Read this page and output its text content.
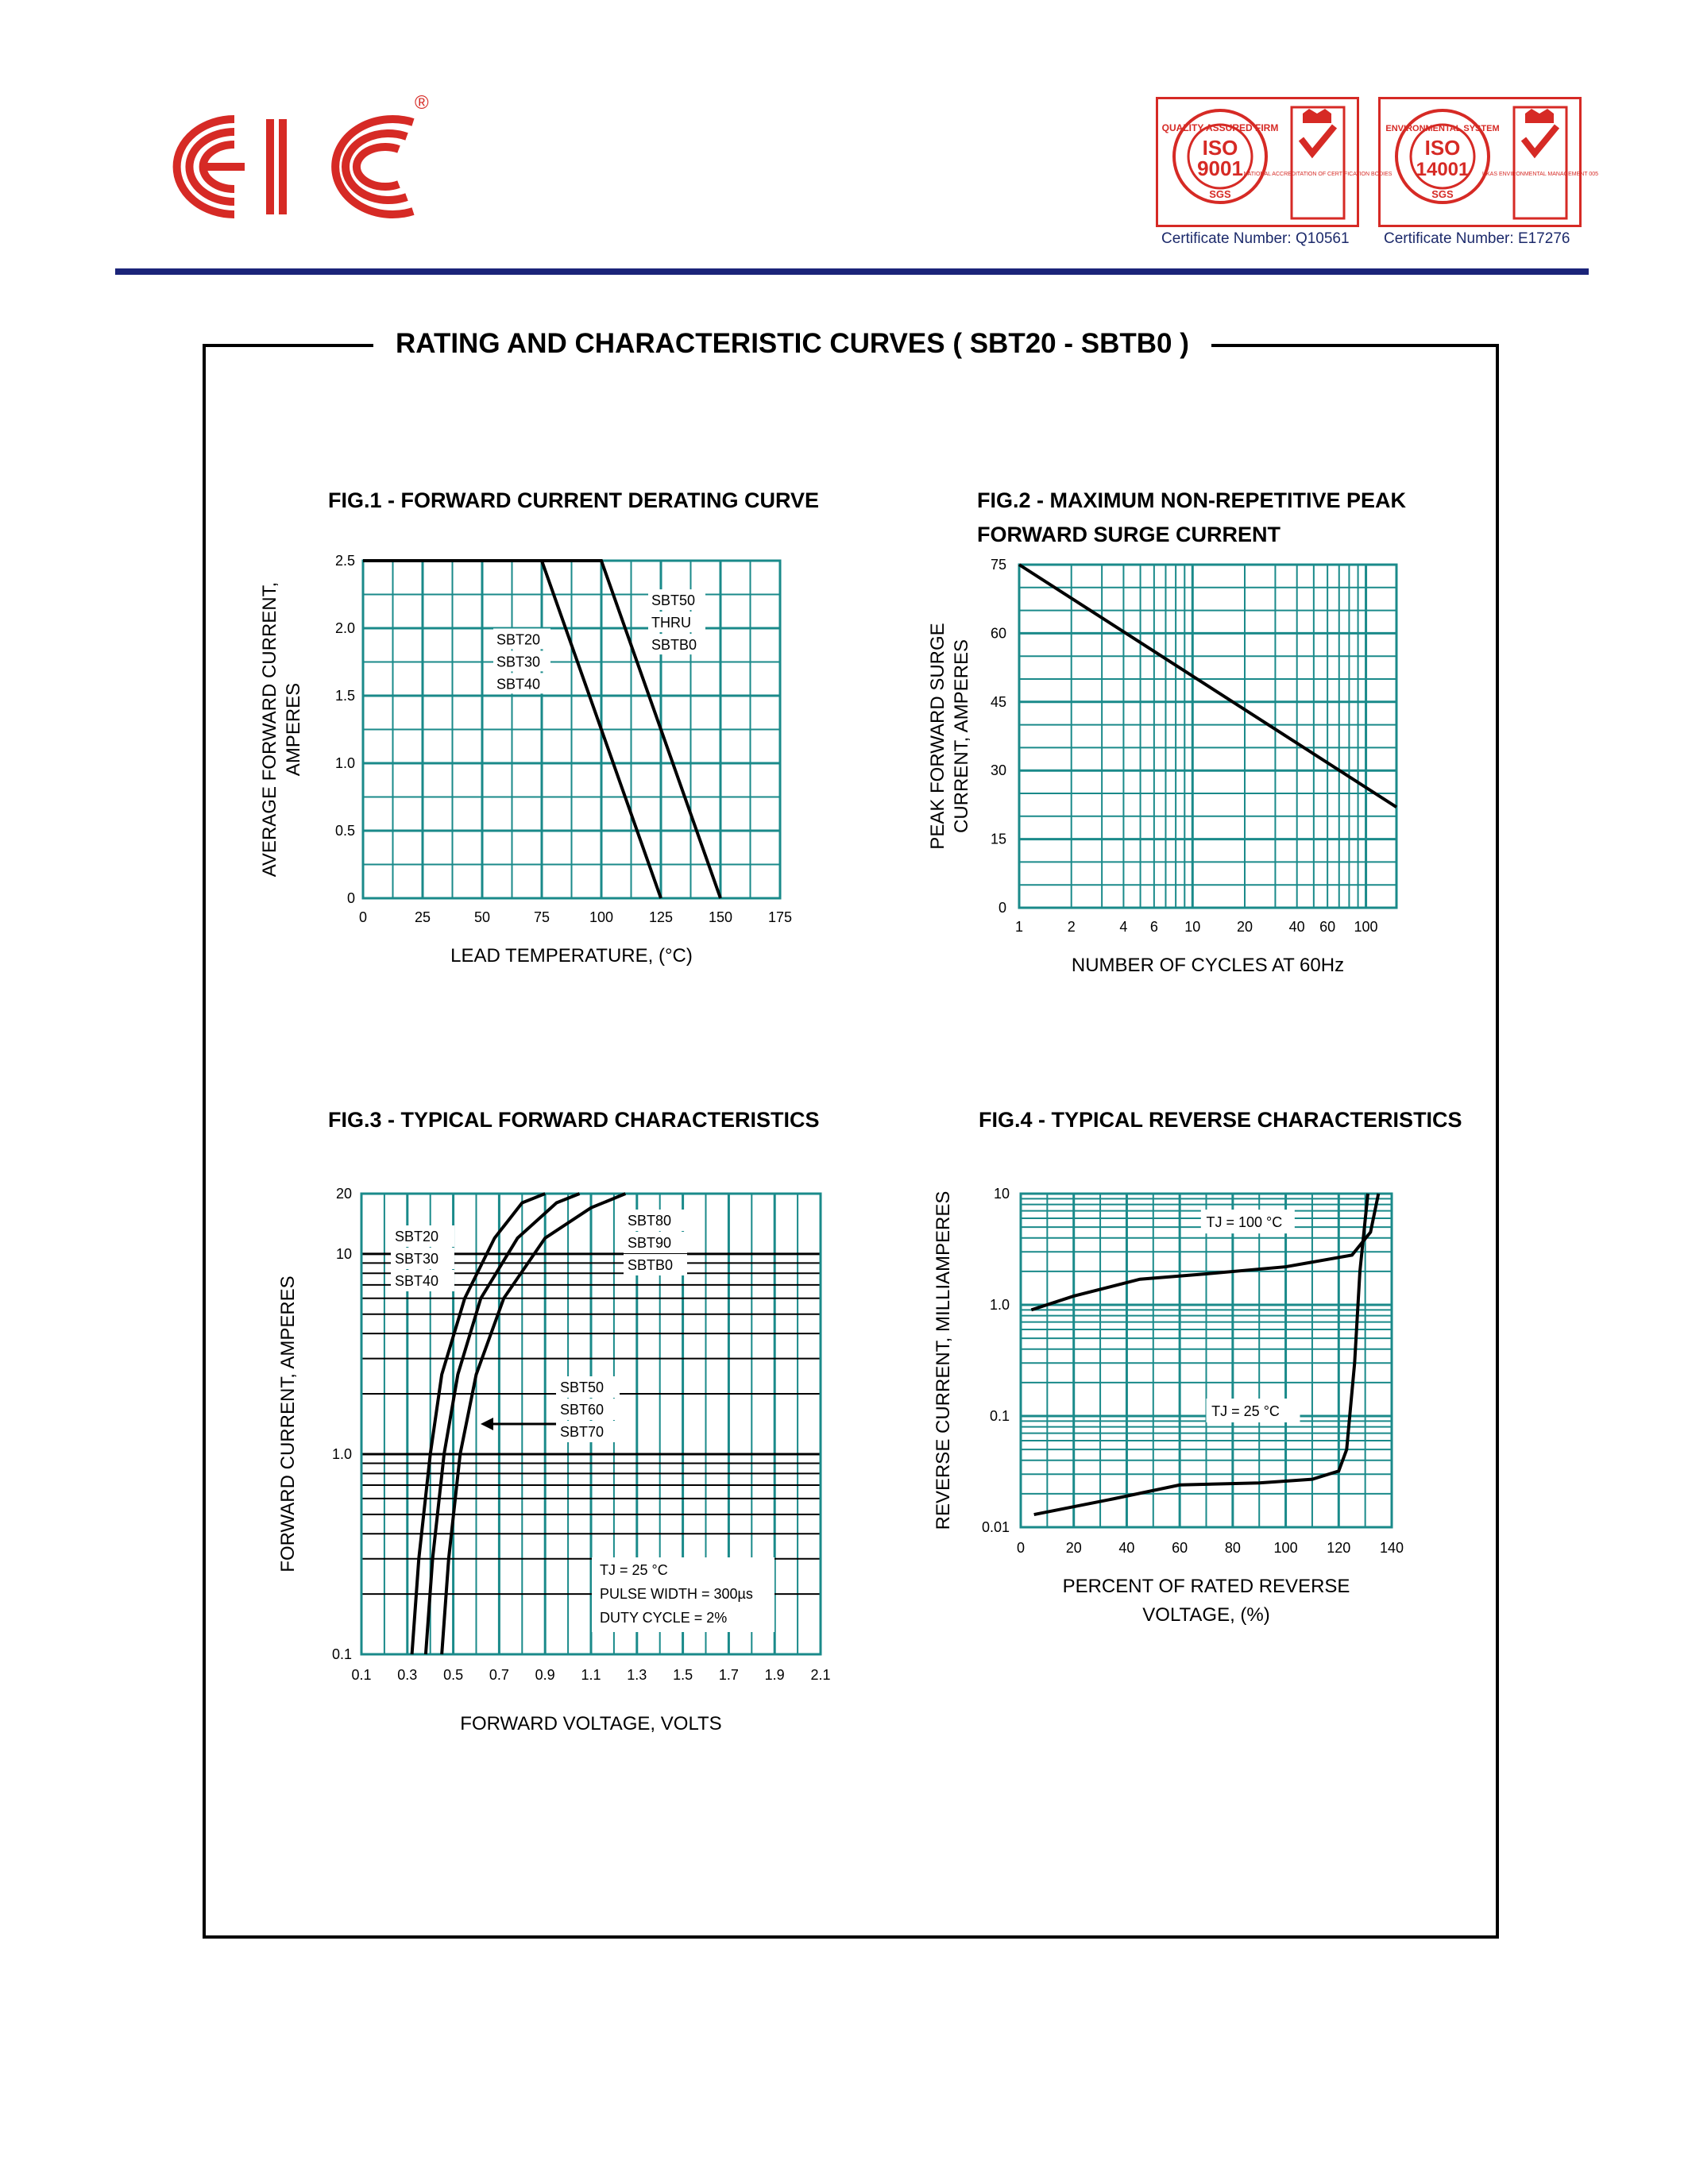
®
QUALITY ASSURED FIRM
ISO
9001
SGS
NATIONAL ACCREDITATION OF CERTIFICATION BODIES
Certificate Number: Q10561
ENVIRONMENTAL SYSTEM
ISO
14001
SGS
UKAS ENVIRONMENTAL MANAGEMENT 005
Certificate Number: E17276
RATING AND CHARACTERISTIC CURVES ( SBT20 - SBTB0 )
FIG.1 - FORWARD CURRENT DERATING CURVE	FIG.2 - MAXIMUM NON-REPETITIVE PEAK
FORWARD SURGE CURRENT
FIG.3 - TYPICAL FORWARD CHARACTERISTICS	FIG.4 - TYPICAL REVERSE CHARACTERISTICS
0	25	50	75	100 125 150 175
0
0.5
1.0
1.5
2.0
2.5
LEAD TEMPERATURE, (°C)
AVERAGE FORWARD CURRENT, AMPERES
SBT20
SBT30
SBT40
SBT50
THRU
SBTB0
1	2	4 6 10	20	40 60 100
0
15
30
45
60
75
NUMBER OF CYCLES AT 60Hz
PEAK FORWARD SURGE CURRENT, AMPERES
0.1 0.3 0.5 0.7 0.9 1.1 1.3 1.5 1.7 1.9 2.1
0.1
1.0
10
20
FORWARD VOLTAGE, VOLTS
FORWARD CURRENT, AMPERES
SBT20
SBT30
SBT40
SBT80
SBT90
SBTB0
SBT50
SBT60
SBT70
TJ = 25 °C
PULSE WIDTH = 300µs
DUTY CYCLE = 2%
0	20	40	60	80 100 120 140
0.01
0.1
1.0
10
PERCENT OF RATED REVERSE
VOLTAGE, (%)
REVERSE CURRENT, MILLIAMPERES	TJ = 100 °C
TJ = 25 °C
